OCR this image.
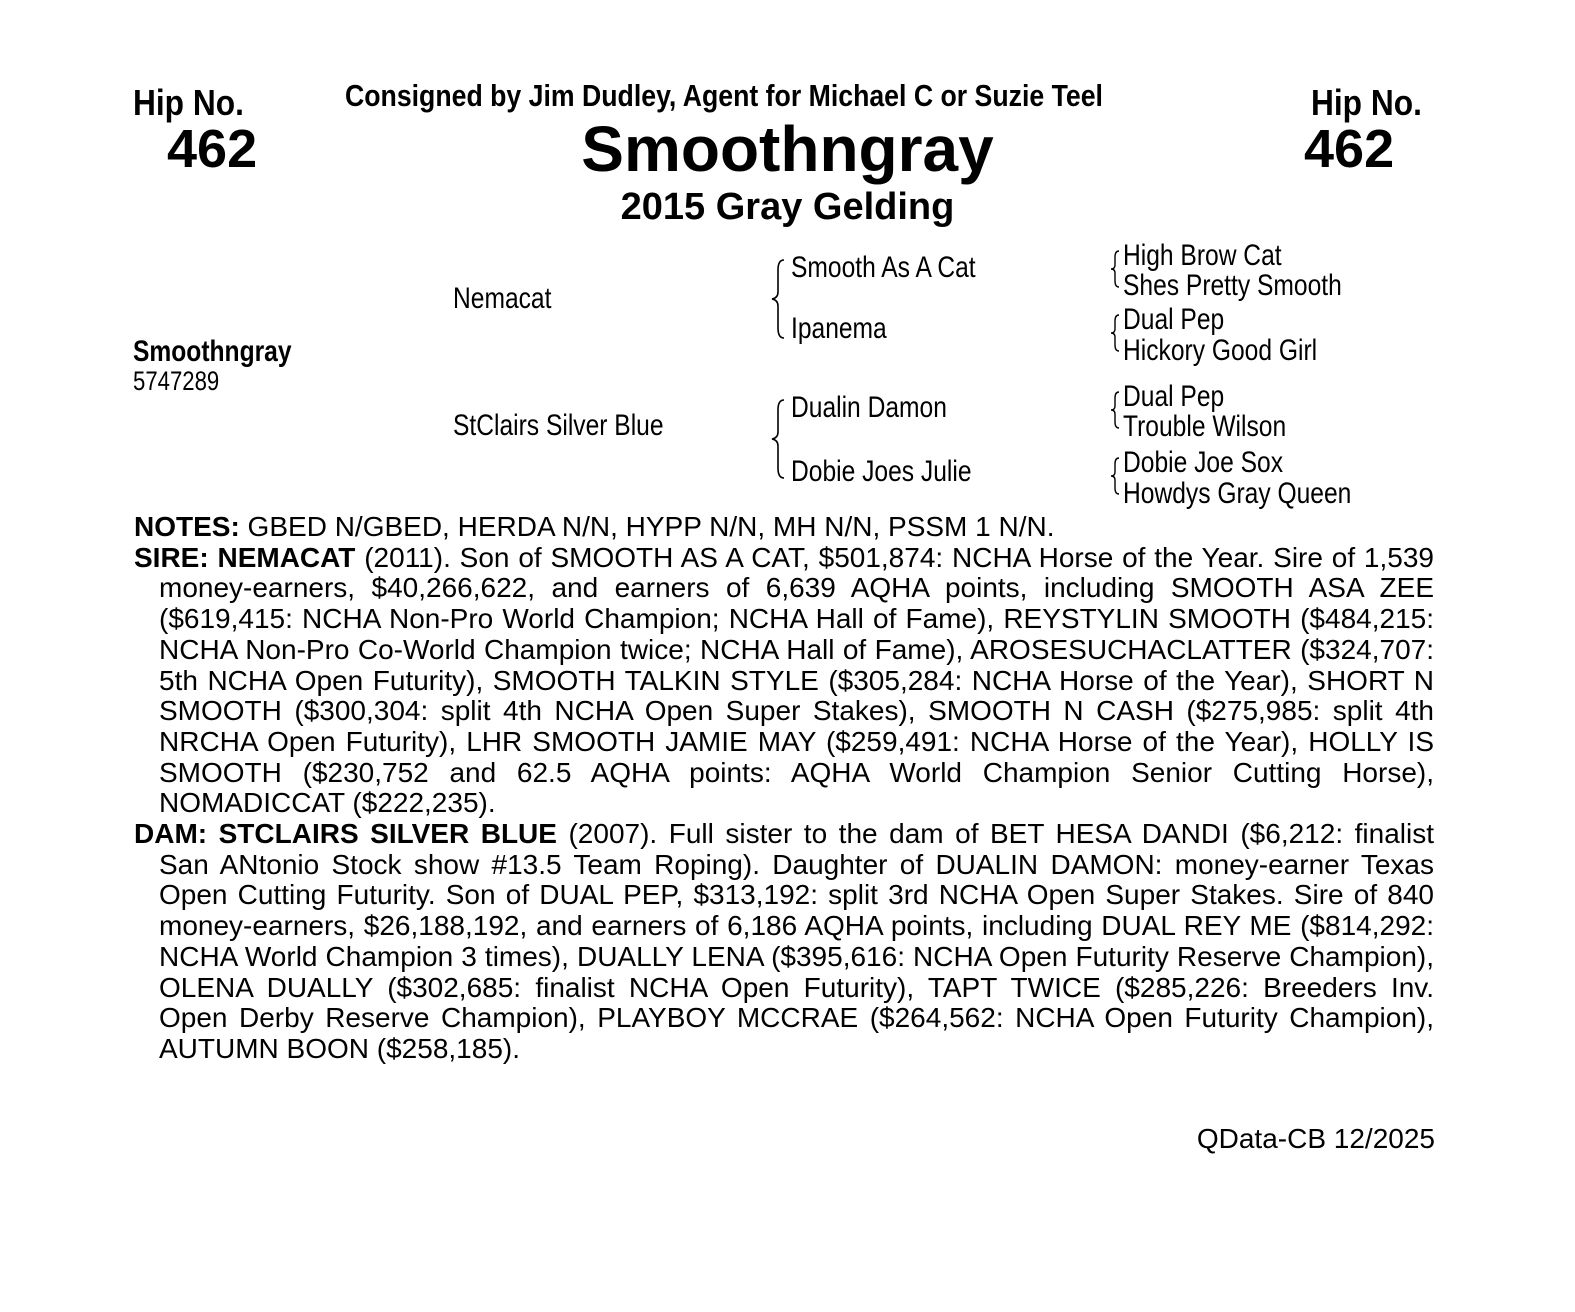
Hip No.
462
Hip No.
462
Consigned by Jim Dudley, Agent for Michael C or Suzie Teel
Smoothngray
2015 Gray Gelding
Smoothngray
5747289
Nemacat
StClairs Silver Blue
Smooth As A Cat
Ipanema
Dualin Damon
Dobie Joes Julie
High Brow Cat
Shes Pretty Smooth
Dual Pep
Hickory Good Girl
Dual Pep
Trouble Wilson
Dobie Joe Sox
Howdys Gray Queen

NOTES: GBED N/GBED, HERDA N/N, HYPP N/N, MH N/N, PSSM 1 N/N.

SIRE: NEMACAT (2011). Son of SMOOTH AS A CAT, $501,874: NCHA Horse of the Year. Sire of 1,539 money-earners, $40,266,622, and earners of 6,639 AQHA points, including SMOOTH ASA ZEE ($619,415: NCHA Non-Pro World Champion; NCHA Hall of Fame), REYSTYLIN SMOOTH ($484,215: NCHA Non-Pro Co-World Champion twice; NCHA Hall of Fame), AROSESUCHACLATTER ($324,707: 5th NCHA Open Futurity), SMOOTH TALKIN STYLE ($305,284: NCHA Horse of the Year), SHORT N SMOOTH ($300,304: split 4th NCHA Open Super Stakes), SMOOTH N CASH ($275,985: split 4th NRCHA Open Futurity), LHR SMOOTH JAMIE MAY ($259,491: NCHA Horse of the Year), HOLLY IS SMOOTH ($230,752 and 62.5 AQHA points: AQHA World Champion Senior Cutting Horse), NOMADICCAT ($222,235).

DAM: STCLAIRS SILVER BLUE (2007). Full sister to the dam of BET HESA DANDI ($6,212: finalist San ANtonio Stock show #13.5 Team Roping). Daughter of DUALIN DAMON: money-earner Texas Open Cutting Futurity. Son of DUAL PEP, $313,192: split 3rd NCHA Open Super Stakes. Sire of 840 money-earners, $26,188,192, and earners of 6,186 AQHA points, including DUAL REY ME ($814,292: NCHA World Champion 3 times), DUALLY LENA ($395,616: NCHA Open Futurity Reserve Champion), OLENA DUALLY ($302,685: finalist NCHA Open Futurity), TAPT TWICE ($285,226: Breeders Inv. Open Derby Reserve Champion), PLAYBOY MCCRAE ($264,562: NCHA Open Futurity Champion), AUTUMN BOON ($258,185).

QData-CB 12/2025
